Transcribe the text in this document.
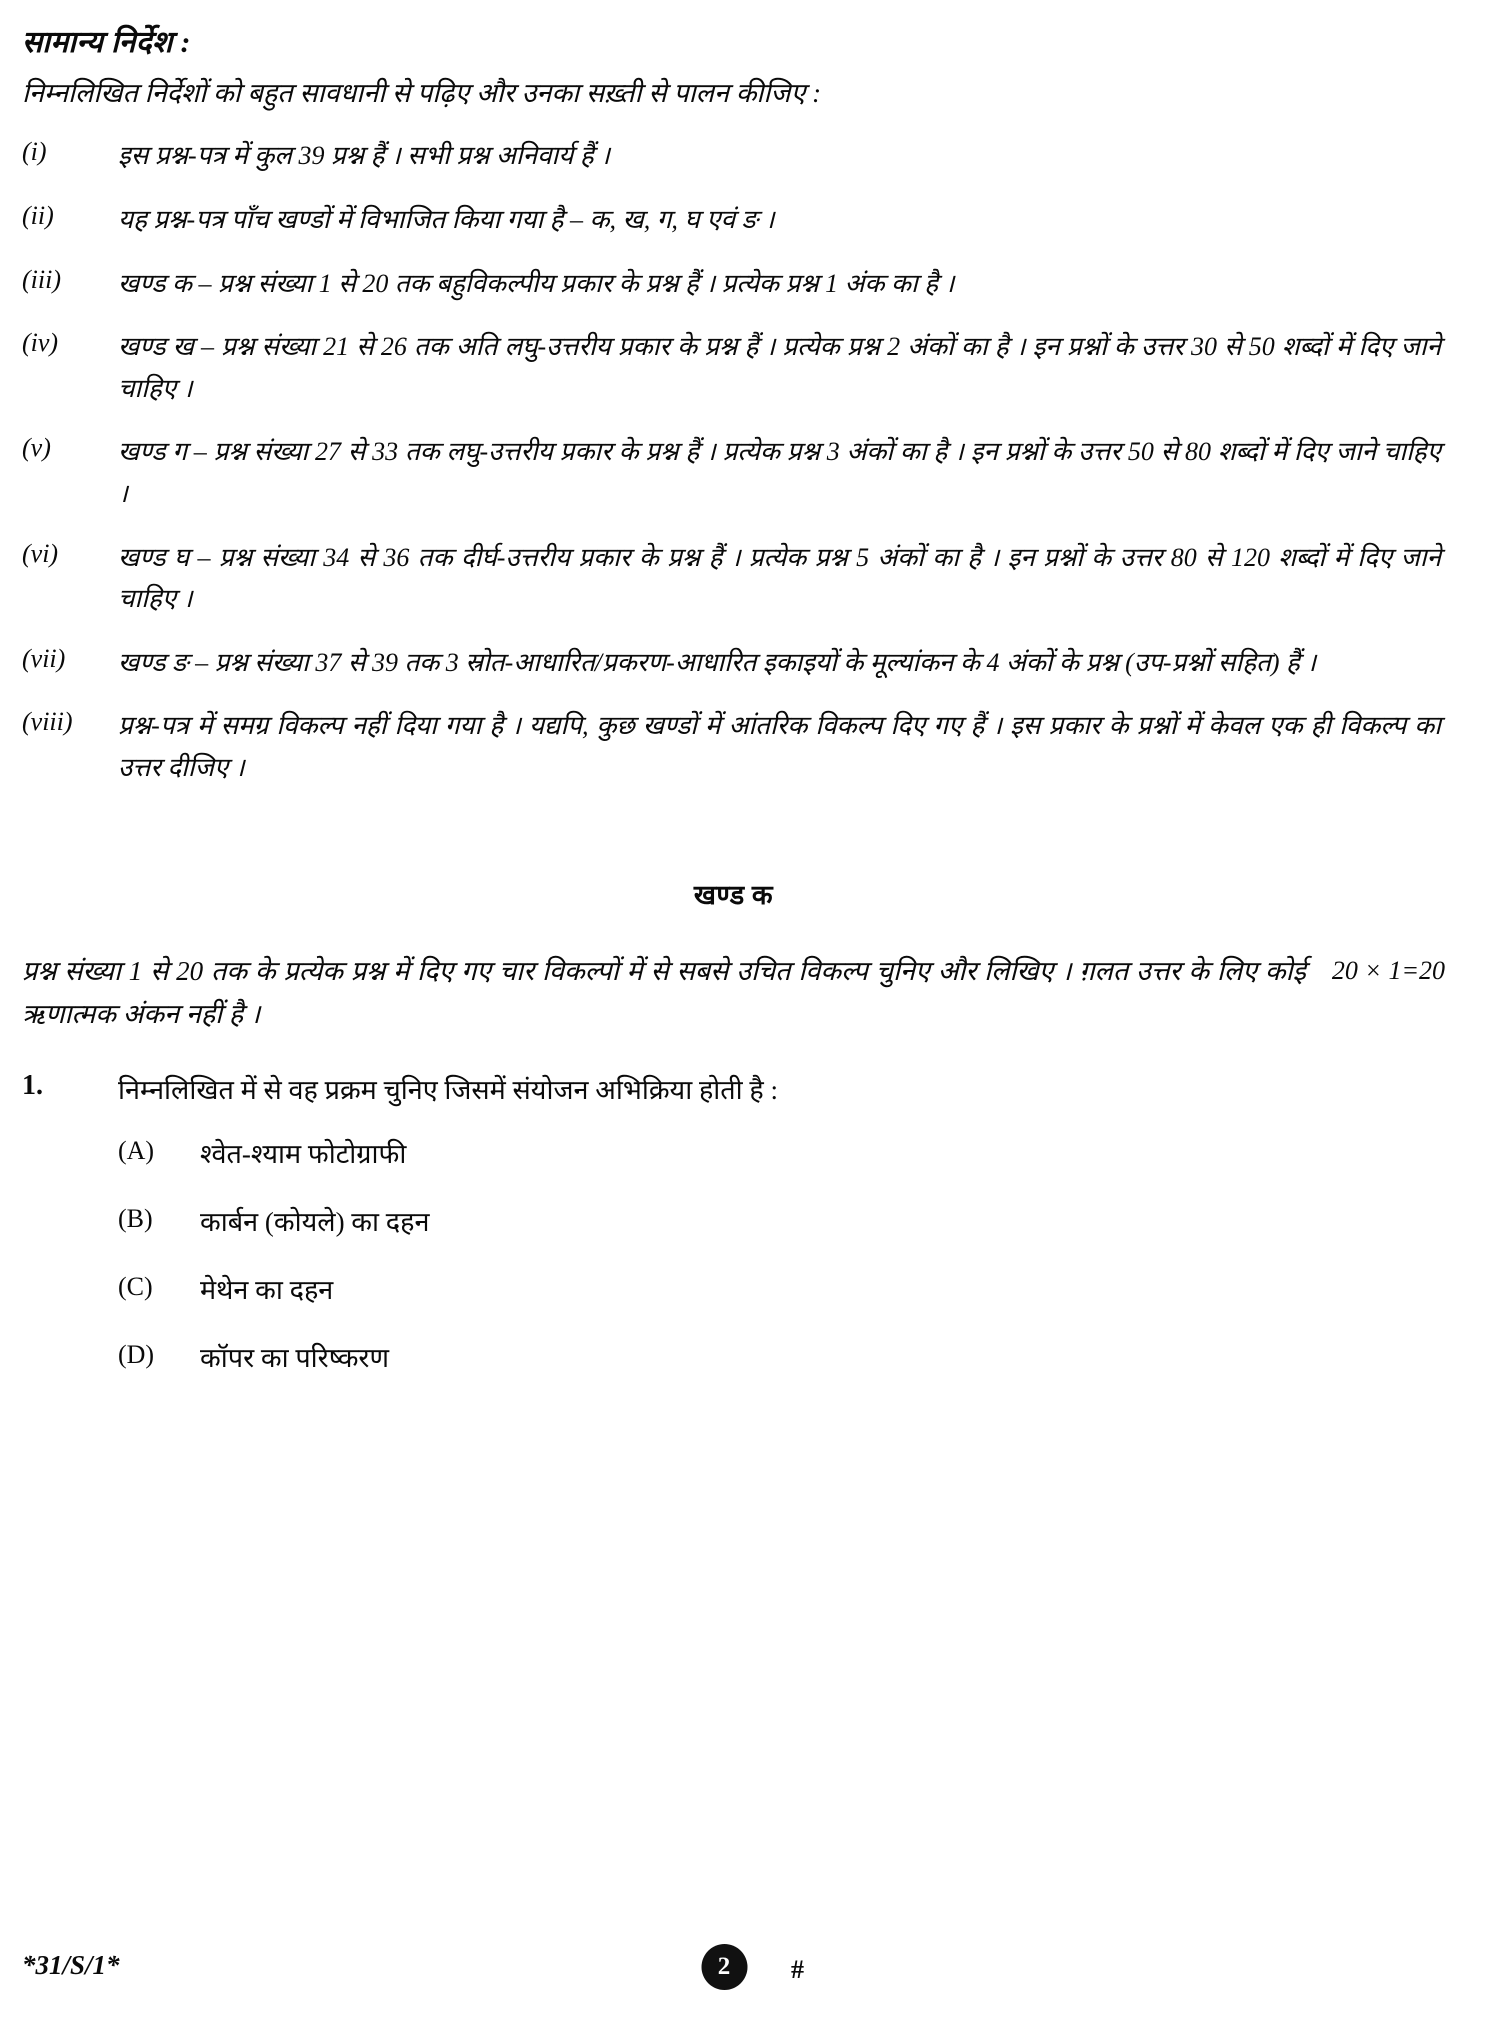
सामान्य निर्देश :
निम्नलिखित निर्देशों को बहुत सावधानी से पढ़िए और उनका सख़्ती से पालन कीजिए :
(i)	इस प्रश्न-पत्र में कुल 39 प्रश्न हैं । सभी प्रश्न अनिवार्य हैं ।
(ii)	यह प्रश्न-पत्र पाँच खण्डों में विभाजित किया गया है – क, ख, ग, घ एवं ङ ।
(iii)	खण्ड क – प्रश्न संख्या 1 से 20 तक बहुविकल्पीय प्रकार के प्रश्न हैं । प्रत्येक प्रश्न 1 अंक का है ।
(iv)	खण्ड ख – प्रश्न संख्या 21 से 26 तक अति लघु-उत्तरीय प्रकार के प्रश्न हैं । प्रत्येक प्रश्न 2 अंकों का है । इन प्रश्नों के उत्तर 30 से 50 शब्दों में दिए जाने चाहिए ।
(v)	खण्ड ग – प्रश्न संख्या 27 से 33 तक लघु-उत्तरीय प्रकार के प्रश्न हैं । प्रत्येक प्रश्न 3 अंकों का है । इन प्रश्नों के उत्तर 50 से 80 शब्दों में दिए जाने चाहिए ।
(vi)	खण्ड घ – प्रश्न संख्या 34 से 36 तक दीर्घ-उत्तरीय प्रकार के प्रश्न हैं । प्रत्येक प्रश्न 5 अंकों का है । इन प्रश्नों के उत्तर 80 से 120 शब्दों में दिए जाने चाहिए ।
(vii)	खण्ड ङ – प्रश्न संख्या 37 से 39 तक 3 स्रोत-आधारित/प्रकरण-आधारित इकाइयों के मूल्यांकन के 4 अंकों के प्रश्न (उप-प्रश्नों सहित) हैं ।
(viii)	प्रश्न-पत्र में समग्र विकल्प नहीं दिया गया है । यद्यपि, कुछ खण्डों में आंतरिक विकल्प दिए गए हैं । इस प्रकार के प्रश्नों में केवल एक ही विकल्प का उत्तर दीजिए ।
खण्ड क
20 × 1=20
प्रश्न संख्या 1 से 20 तक के प्रत्येक प्रश्न में दिए गए चार विकल्पों में से सबसे उचित विकल्प चुनिए और लिखिए । ग़लत उत्तर के लिए कोई ऋणात्मक अंकन नहीं है ।
1.	निम्नलिखित में से वह प्रक्रम चुनिए जिसमें संयोजन अभिक्रिया होती है :
(A)	श्वेत-श्याम फोटोग्राफी
(B)	कार्बन (कोयले) का दहन
(C)	मेथेन का दहन
(D)	कॉपर का परिष्करण
*31/S/1*	2	#
